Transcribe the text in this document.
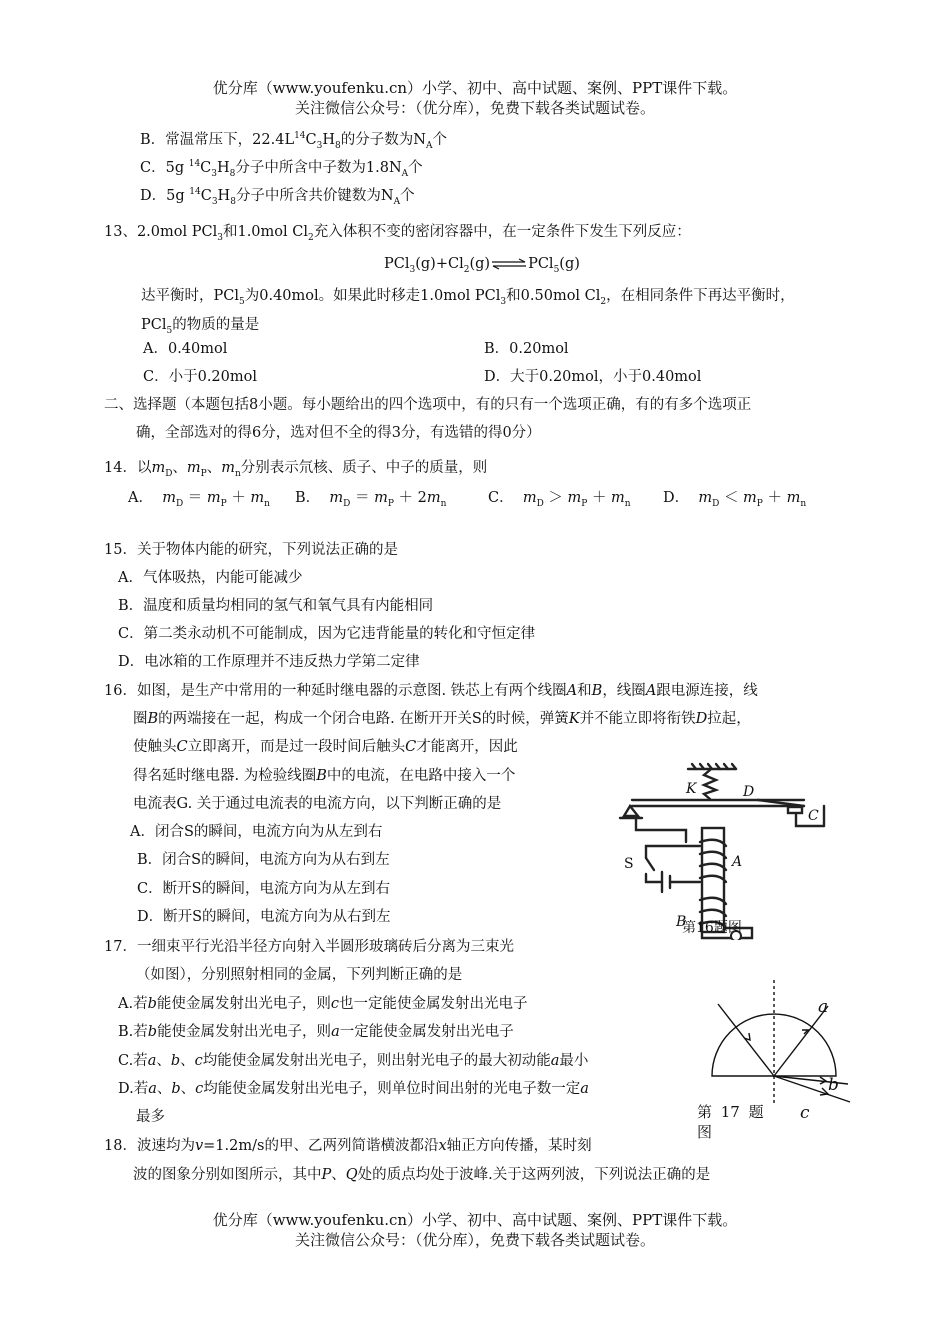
优分库（www.youfenku.cn）小学、初中、高中试题、案例、PPT课件下载。
关注微信公众号：（优分库），免费下载各类试题试卷。
B．常温常压下，$22.4L^{14}C_3H_8$的分子数为$N_A$个
C．5g $^{14}C_3H_8$分子中所含中子数为$1.8N_A$个
D．5g $^{14}C_3H_8$分子中所含共价键数为$N_A$个
13、2.0mol PCl$_3$和1.0mol $Cl_2$充入体积不变的密闭容器中，在一定条件下发生下列反应：
$PCl_3(g)+Cl_2(g)\rightleftharpoons PCl_5(g)$
达平衡时，PCl$_5$为0.40mol。如果此时移走1.0mol PCl$_3$和0.50mol $Cl_2$，在相同条件下再达平衡时，
PCl$_5$的物质的量是
A．0.40mol	B．0.20mol
C．小于0.20mol	D．大于0.20mol，小于0.40mol
二、选择题（本题包括8小题。每小题给出的四个选项中，有的只有一个选项正确，有的有多个选项正
确，全部选对的得6分，选对但不全的得3分，有选错的得0分）
14．以$m_D$、$m_P$、$m_n$分别表示氘核、质子、中子的质量，则
A． $m_D = m_P + m_n$ B． $m_D = m_P + 2m_n$	C． $m_D > m_P + m_n$ D． $m_D < m_P + m_n$
15．关于物体内能的研究，下列说法正确的是
A．气体吸热，内能可能减少
B．温度和质量均相同的氢气和氧气具有内能相同
C．第二类永动机不可能制成，因为它违背能量的转化和守恒定律
D．电冰箱的工作原理并不违反热力学第二定律
16．如图，是生产中常用的一种延时继电器的示意图. 铁芯上有两个线圈A和B，线圈A跟电源连接，线
圈B的两端接在一起，构成一个闭合电路. 在断开开关S的时候，弹簧K并不能立即将衔铁D拉起，
使触头C立即离开，而是过一段时间后触头C才能离开，因此
得名延时继电器. 为检验线圈B中的电流，在电路中接入一个
电流表G. 关于通过电流表的电流方向，以下判断正确的是
A．闭合S的瞬间，电流方向为从左到右
B．闭合S的瞬间，电流方向为从右到左
C．断开S的瞬间，电流方向为从左到右
D．断开S的瞬间，电流方向为从右到左
K	D
C
S	A
B
第16题图
17．一细束平行光沿半径方向射入半圆形玻璃砖后分离为三束光
（如图），分别照射相同的金属，下列判断正确的是
A.若b能使金属发射出光电子，则c也一定能使金属发射出光电子
B.若b能使金属发射出光电子，则a一定能使金属发射出光电子
C.若a、b、c均能使金属发射出光电子，则出射光电子的最大初动能a最小
D.若a、b、c均能使金属发射出光电子，则单位时间出射的光电子数一定a
最多
a
b
c
第 17 题
图
18．波速均为v=1.2m/s的甲、乙两列简谐横波都沿x轴正方向传播，某时刻
波的图象分别如图所示，其中P、Q处的质点均处于波峰.关于这两列波，下列说法正确的是
优分库（www.youfenku.cn）小学、初中、高中试题、案例、PPT课件下载。
关注微信公众号：（优分库），免费下载各类试题试卷。
